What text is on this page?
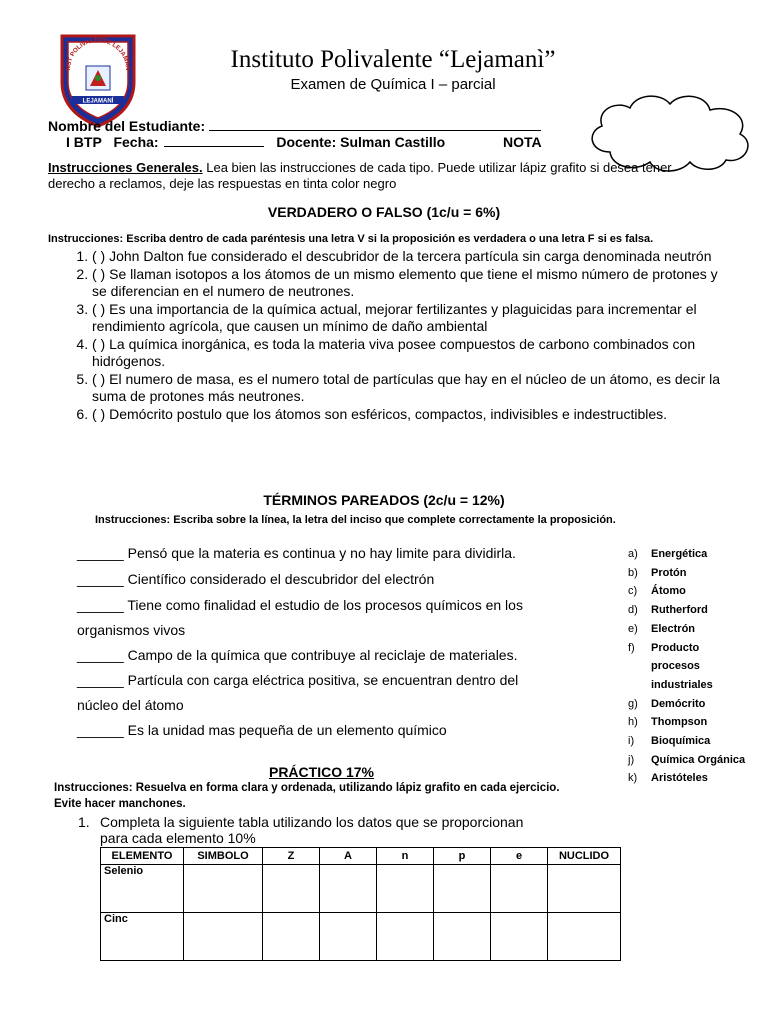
NST POLIVALENTE LEJAMAN
LEJAMANÍ
Instituto Polivalente “Lejamanì”
Examen de Química I – parcial
Nombre del Estudiante:
I BTP Fecha:	Docente: Sulman Castillo	NOTA
Instrucciones Generales. Lea bien las instrucciones de cada tipo. Puede utilizar lápiz grafito si desea tener derecho a reclamos, deje las respuestas en tinta color negro
VERDADERO O FALSO (1c/u = 6%)
Instrucciones: Escriba dentro de cada paréntesis una letra V si la proposición es verdadera o una letra F si es falsa.
1. ( ) John Dalton fue considerado el descubridor de la tercera partícula sin carga denominada neutrón
2. ( ) Se llaman isotopos a los átomos de un mismo elemento que tiene el mismo número de protones y se diferencian en el numero de neutrones.
3. ( ) Es una importancia de la química actual, mejorar fertilizantes y plaguicidas para incrementar el rendimiento agrícola, que causen un mínimo de daño ambiental
4. ( ) La química inorgánica, es toda la materia viva posee compuestos de carbono combinados con hidrógenos.
5. ( ) El numero de masa, es el numero total de partículas que hay en el núcleo de un átomo, es decir la suma de protones más neutrones.
6. ( ) Demócrito postulo que los átomos son esféricos, compactos, indivisibles e indestructibles.
TÉRMINOS PAREADOS (2c/u = 12%)
Instrucciones: Escriba sobre la línea, la letra del inciso que complete correctamente la proposición.
______ Pensó que la materia es continua y no hay limite para dividirla.
______ Científico considerado el descubridor del electrón
______ Tiene como finalidad el estudio de los procesos químicos en los
organismos vivos
______ Campo de la química que contribuye al reciclaje de materiales.
______ Partícula con carga eléctrica positiva, se encuentran dentro del
núcleo del átomo
______ Es la unidad mas pequeña de un elemento químico
a)	Energética
b)	Protón
c)	Átomo
d)	Rutherford
e)	Electrón
f)	Producto procesos industriales
g)	Demócrito
h)	Thompson
i)	Bioquímica
j)	Química Orgánica
k)	Aristóteles
PRÁCTICO 17%
Instrucciones: Resuelva en forma clara y ordenada, utilizando lápiz grafito en cada ejercicio. Evite hacer manchones.
1. Completa la siguiente tabla utilizando los datos que se proporcionan
para cada elemento 10%
ELEMENTO	SIMBOLO	Z	A	n	p	e	NUCLIDO
Selenio							
Cinc							
